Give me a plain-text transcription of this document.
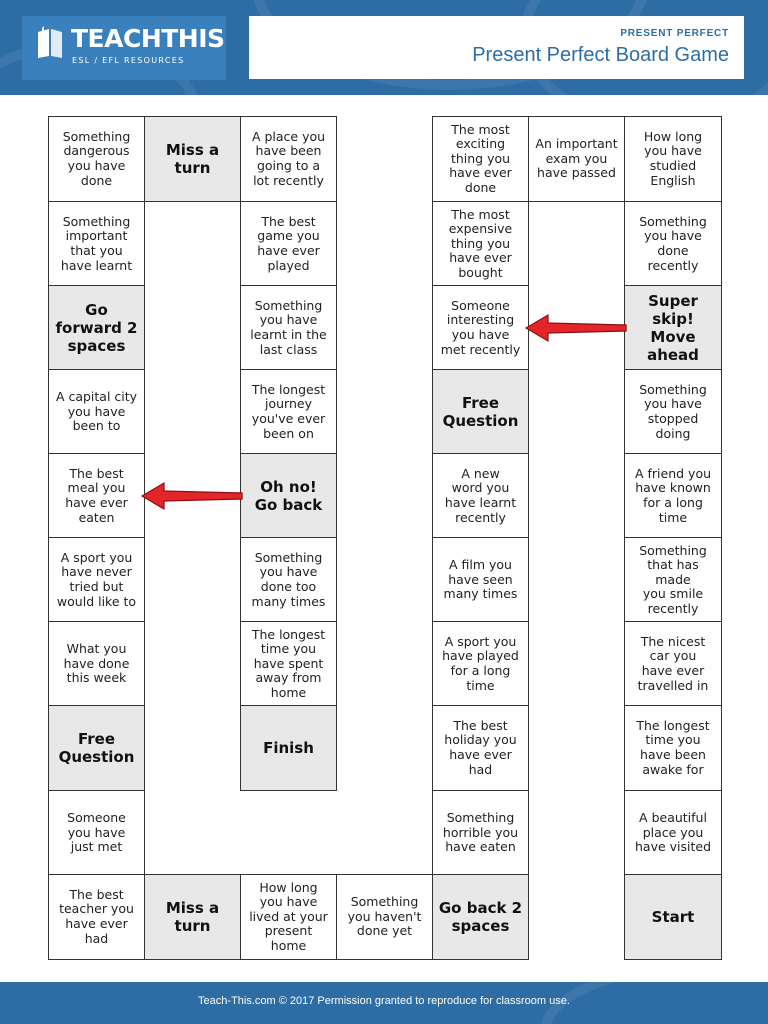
TEACHTHIS
ESL / EFL RESOURCES
PRESENT PERFECT
Present Perfect Board Game
Something
dangerous
you have
done
Miss a
turn
A place you
have been
going to a
lot recently
The most
exciting
thing you
have ever
done
An important
exam you
have passed
How long
you have
studied
English
Something
important
that you
have learnt
The best
game you
have ever
played
The most
expensive
thing you
have ever
bought
Something
you have
done
recently
Go
forward 2
spaces
Something
you have
learnt in the
last class
Someone
interesting
you have
met recently
Super
skip!
Move
ahead
A capital city
you have
been to
The longest
journey
you've ever
been on
Free
Question
Something
you have
stopped
doing
The best
meal you
have ever
eaten
Oh no!
Go back
A new
word you
have learnt
recently
A friend you
have known
for a long
time
A sport you
have never
tried but
would like to
Something
you have
done too
many times
A film you
have seen
many times
Something
that has
made
you smile
recently
What you
have done
this week
The longest
time you
have spent
away from
home
A sport you
have played
for a long
time
The nicest
car you
have ever
travelled in
Free
Question	Finish
The best
holiday you
have ever
had
The longest
time you
have been
awake for
Someone
you have
just met
Something
horrible you
have eaten
A beautiful
place you
have visited
The best
teacher you
have ever
had
Miss a
turn
How long
you have
lived at your
present
home
Something
you haven't
done yet
Go back 2
spaces	Start
Teach-This.com © 2017 Permission granted to reproduce for classroom use.
